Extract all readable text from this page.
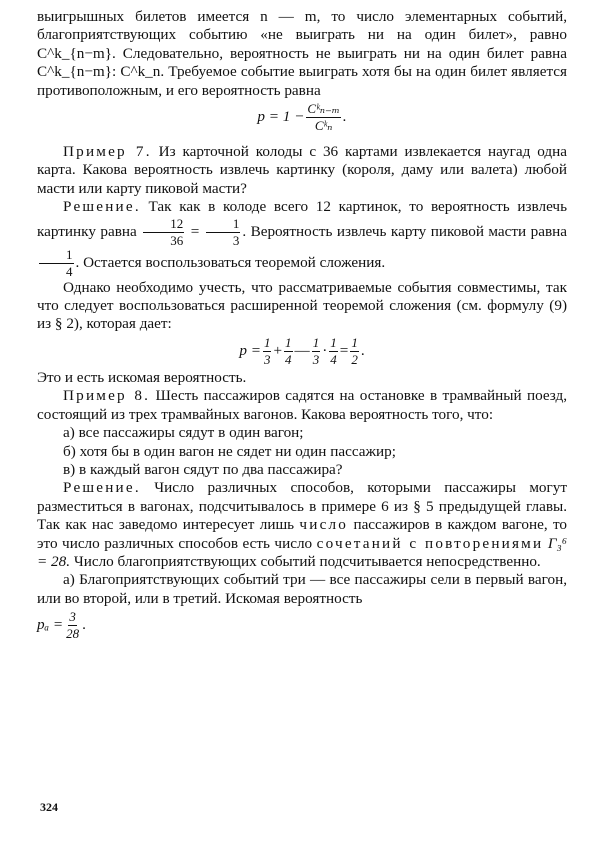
выигрышных билетов имеется n — m, то число элементарных событий, благоприятствующих событию «не выиграть ни на один билет», равно C^k_{n−m}. Следовательно, вероятность не выиграть ни на один билет равна C^k_{n−m}: C^k_n. Требуемое событие выиграть хотя бы на один билет является противоположным, и его вероятность равна

$p = 1 - \frac{\text{Cᵏₙ₋ₘ}}{\text{Cᵏₙ}}$ .

Пример 7. Из карточной колоды с 36 картами извлекается наугад одна карта. Какова вероятность извлечь картинку (короля, даму или валета) любой масти или карту пиковой масти?

Решение. Так как в колоде всего 12 картинок, то вероятность извлечь картинку равна $\frac{12}{36} = \frac{1}{3}$ . Вероятность извлечь карту пиковой масти равна
$\frac{1}{4}$ . Остается воспользоваться теоремой сложения.

Однако необходимо учесть, что рассматриваемые события совместимы, так что следует воспользоваться расширенной теоремой сложения (см. формулу (9) из § 2), которая дает:

$p = \frac{1}{3} + \frac{1}{4}$ — $\frac{1}{3} \cdot \frac{1}{4} = \frac{1}{2}$ .

Это и есть искомая вероятность.

Пример 8. Шесть пассажиров садятся на остановке в трамвайный поезд, состоящий из трех трамвайных вагонов. Какова вероятность того, что:

а) все пассажиры сядут в один вагон;

б) хотя бы в один вагон не сядет ни один пассажир;

в) в каждый вагон сядут по два пассажира?

Решение. Число различных способов, которыми пассажиры могут разместиться в вагонах, подсчитывалось в примере 6 из § 5 предыдущей главы. Так как нас заведомо интересует лишь число пассажиров в каждом вагоне, то это число различных способов есть число сочетаний с повторениями Γ₃⁶ = 28. Число благоприятствующих событий подсчитывается непосредственно.

а) Благоприятствующих событий три — все пассажиры сели в первый вагон, или во второй, или в третий. Искомая вероятность

$p_a = \frac{3}{28}$ .
324
